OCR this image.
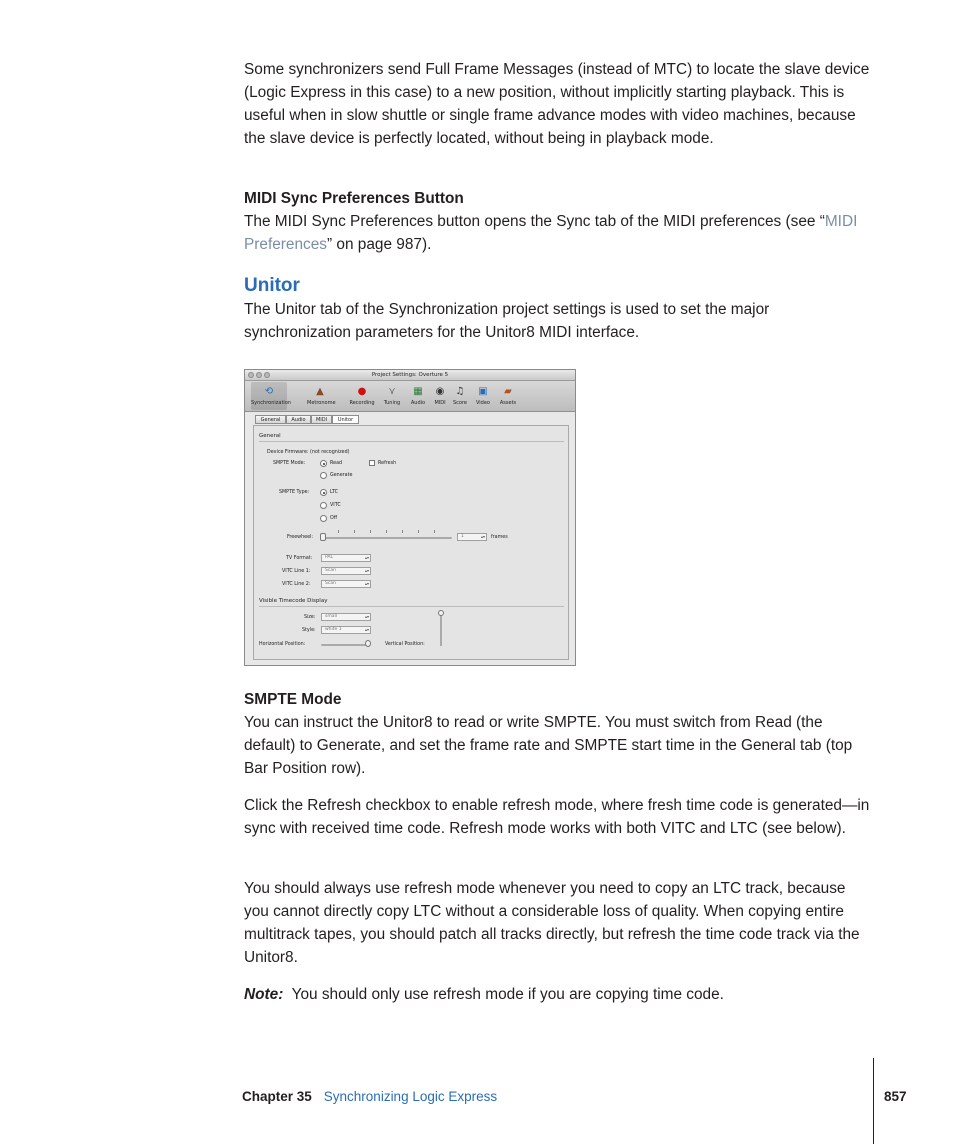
Some synchronizers send Full Frame Messages (instead of MTC) to locate the slave device (Logic Express in this case) to a new position, without implicitly starting playback. This is useful when in slow shuttle or single frame advance modes with video machines, because the slave device is perfectly located, without being in playback mode.

MIDI Sync Preferences Button

The MIDI Sync Preferences button opens the Sync tab of the MIDI preferences (see “MIDI Preferences” on page 987).

Unitor

The Unitor tab of the Synchronization project settings is used to set the major synchronization parameters for the Unitor8 MIDI interface.

Project Settings: Overture 5
⟲
Synchronization
▲
Metronome
●
Recording
⋎
Tuning
▦
Audio
◉
MIDI
♫
Score
▣
Video
▰
Assets
General	Audio	MIDI	Unitor
General
Device Firmware: (not recognized)
SMPTE Mode:	Read	Refresh
Generate
SMPTE Type:	LTC
VITC
Off
Freewheel:	1	▴▾ frames
TV Format:	PAL	▴▾
VITC Line 1:	Scan	▴▾
VITC Line 2:	Scan	▴▾
Visible Timecode Display
Size:	small	▴▾
Style:	white 1	▴▾
Horizontal Position:	Vertical Position:
SMPTE Mode

You can instruct the Unitor8 to read or write SMPTE. You must switch from Read (the default) to Generate, and set the frame rate and SMPTE start time in the General tab (top Bar Position row).

Click the Refresh checkbox to enable refresh mode, where fresh time code is generated—in sync with received time code. Refresh mode works with both VITC and LTC (see below).

You should always use refresh mode whenever you need to copy an LTC track, because you cannot directly copy LTC without a considerable loss of quality. When copying entire multitrack tapes, you should patch all tracks directly, but refresh the time code track via the Unitor8.

Note: You should only use refresh mode if you are copying time code.

Chapter 35 Synchronizing Logic Express	857
